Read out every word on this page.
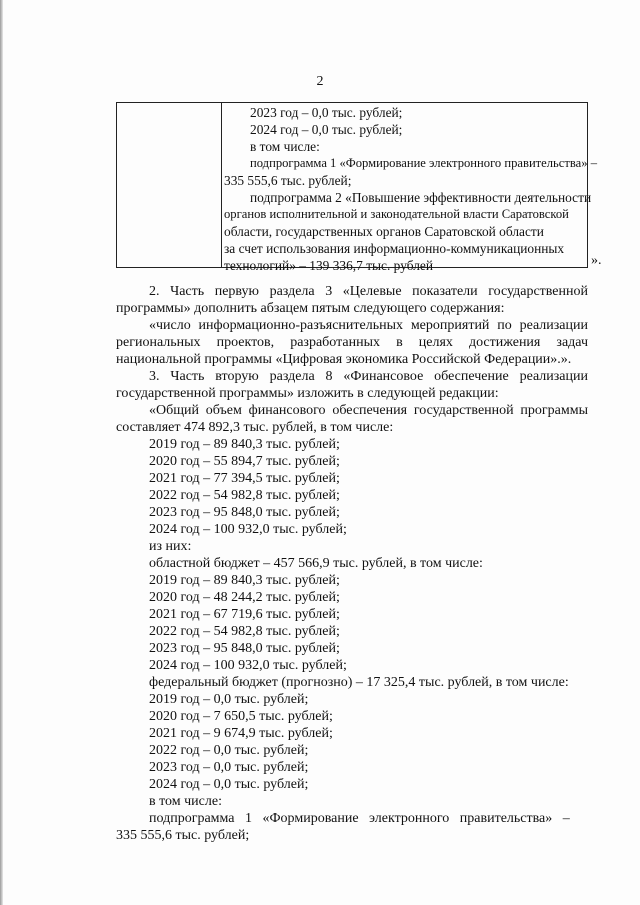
2
2023 год – 0,0 тыс. рублей;
2024 год – 0,0 тыс. рублей;
в том числе:
подпрограмма 1 «Формирование электронного правительства» –
335 555,6 тыс. рублей;
подпрограмма 2 «Повышение эффективности деятельности
органов исполнительной и законодательной власти Саратовской
области, государственных органов Саратовской области
за счет использования информационно-коммуникационных
технологий» – 139 336,7 тыс. рублей	».
2. Часть первую раздела 3 «Целевые показатели государственной программы» дополнить абзацем пятым следующего содержания:
«число информационно-разъяснительных мероприятий по реализации региональных проектов, разработанных в целях достижения задач национальной программы «Цифровая экономика Российской Федерации».».
3. Часть вторую раздела 8 «Финансовое обеспечение реализации государственной программы» изложить в следующей редакции:
«Общий объем финансового обеспечения государственной программы составляет 474 892,3 тыс. рублей, в том числе:
2019 год – 89 840,3 тыс. рублей;
2020 год – 55 894,7 тыс. рублей;
2021 год – 77 394,5 тыс. рублей;
2022 год – 54 982,8 тыс. рублей;
2023 год – 95 848,0 тыс. рублей;
2024 год – 100 932,0 тыс. рублей;
из них:
областной бюджет – 457 566,9 тыс. рублей, в том числе:
2019 год – 89 840,3 тыс. рублей;
2020 год – 48 244,2 тыс. рублей;
2021 год – 67 719,6 тыс. рублей;
2022 год – 54 982,8 тыс. рублей;
2023 год – 95 848,0 тыс. рублей;
2024 год – 100 932,0 тыс. рублей;
федеральный бюджет (прогнозно) – 17 325,4 тыс. рублей, в том числе:
2019 год – 0,0 тыс. рублей;
2020 год – 7 650,5 тыс. рублей;
2021 год – 9 674,9 тыс. рублей;
2022 год – 0,0 тыс. рублей;
2023 год – 0,0 тыс. рублей;
2024 год – 0,0 тыс. рублей;
в том числе:
подпрограмма 1 «Формирование электронного правительства» –
335 555,6 тыс. рублей;
